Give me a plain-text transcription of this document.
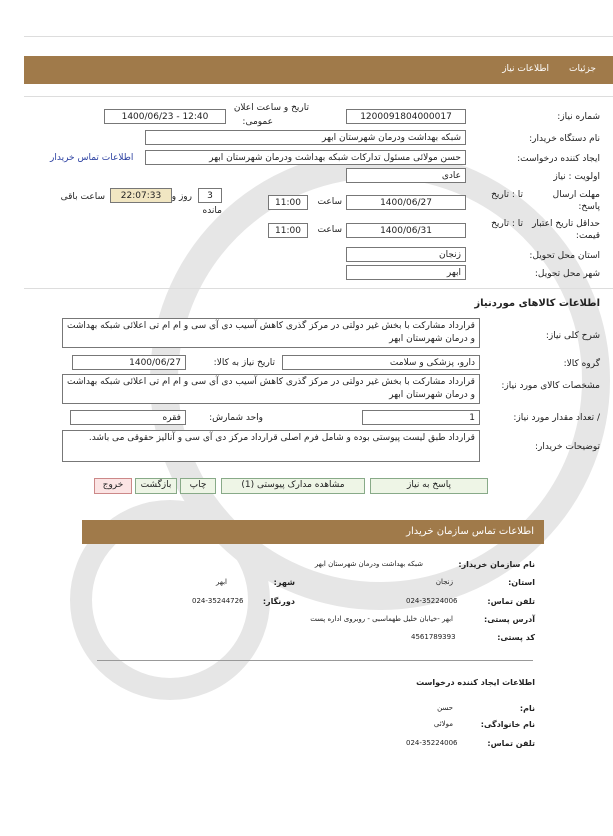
جزئیات
اطلاعات نیاز
شماره نیاز:
1200091804000017
تاریخ و ساعت اعلان
عمومی:
1400/06/23 - 12:40
نام دستگاه خریدار:
شبکه بهداشت ودرمان شهرستان ابهر
ایجاد کننده درخواست:
حسن مولائی مسئول تدارکات شبکه بهداشت ودرمان شهرستان ابهر
اطلاعات تماس خریدار
اولویت : نیاز
عادی
مهلت ارسال
پاسخ:
تا : تاریخ
1400/06/27
ساعت
11:00
3
روز و
مانده
22:07:33
ساعت باقی
حداقل تاریخ اعتبار
قیمت:
تا : تاریخ
1400/06/31
ساعت
11:00
استان محل تحویل:
زنجان
شهر محل تحویل:
ابهر
اطلاعات کالاهای موردنیاز
شرح کلی نیاز:
قرارداد مشارکت با بخش غیر دولتی در مرکز گذری کاهش آسیب دی آی سی و ام ام تی اعلائی شبکه بهداشت و درمان شهرستان ابهر
گروه کالا:
دارو، پزشکی و سلامت
تاریخ نیاز به کالا:
1400/06/27
مشخصات کالای مورد نیاز:
قرارداد مشارکت با بخش غیر دولتی در مرکز گذری کاهش آسیب دی آی سی و ام ام تی اعلائی شبکه بهداشت و درمان شهرستان ابهر
/ تعداد مقدار مورد نیاز:
1
واحد شمارش:
فقره
توضیحات خریدار:
قرارداد طبق لیست پیوستی بوده و شامل فرم اصلی قرارداد مرکز دی آی سی و آنالیز حقوقی می باشد.
پاسخ به نیاز
مشاهده مدارک پیوستی (1)
چاپ
بازگشت
خروج
اطلاعات تماس سازمان خریدار
نام سازمان خریدار:
شبکه بهداشت ودرمان شهرستان ابهر
استان:
زنجان
شهر:
ابهر
تلفن تماس:
024-35224006
دورنگار:
024-35244726
آدرس پستی:
ابهر -خیابان خلیل طهماسبی - روبروی اداره پست
کد پستی:
4561789393
اطلاعات ایجاد کننده درخواست
نام:
حسن
نام خانوادگی:
مولائی
تلفن تماس:
024-35224006
